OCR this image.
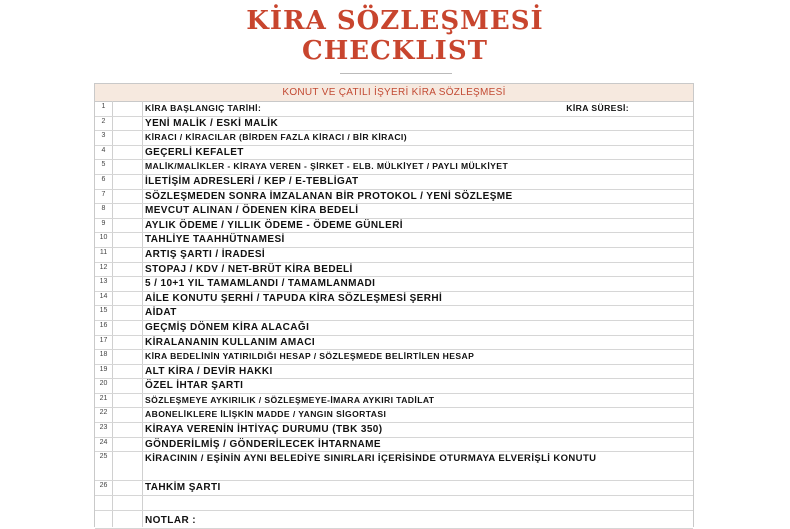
KİRA SÖZLEŞMESİ
CHECKLIST
KONUT VE ÇATILI İŞYERİ KİRA SÖZLEŞMESİ
1	KİRA BAŞLANGIÇ TARİHİ:	KİRA SÜRESİ:
2	YENİ MALİK / ESKİ MALİK
3	KİRACI / KİRACILAR (BİRDEN FAZLA KİRACI / BİR KİRACI)
4	GEÇERLİ KEFALET
5	MALİK/MALİKLER - KİRAYA VEREN - ŞİRKET - ELB. MÜLKİYET / PAYLI MÜLKİYET
6	İLETİŞİM ADRESLERİ / KEP / E-TEBLİGAT
7	SÖZLEŞMEDEN SONRA İMZALANAN BİR PROTOKOL / YENİ SÖZLEŞME
8	MEVCUT ALINAN / ÖDENEN KİRA BEDELİ
9	AYLIK ÖDEME / YILLIK ÖDEME - ÖDEME GÜNLERİ
10	TAHLİYE TAAHHÜTNAMESİ
11	ARTIŞ ŞARTI / İRADESİ
12	STOPAJ / KDV / NET-BRÜT KİRA BEDELİ
13	5 / 10+1 YIL TAMAMLANDI / TAMAMLANMADI
14	AİLE KONUTU ŞERHİ / TAPUDA KİRA SÖZLEŞMESİ ŞERHİ
15	AİDAT
16	GEÇMİŞ DÖNEM KİRA ALACAĞI
17	KİRALANANIN KULLANIM AMACI
18	KİRA BEDELİNİN YATIRILDIĞI HESAP / SÖZLEŞMEDE BELİRTİLEN HESAP
19	ALT KİRA / DEVİR HAKKI
20	ÖZEL İHTAR ŞARTI
21	SÖZLEŞMEYE AYKIRILIK / SÖZLEŞMEYE-İMARA AYKIRI TADİLAT
22	ABONELİKLERE İLİŞKİN MADDE / YANGIN SİGORTASI
23	KİRAYA VERENİN İHTİYAÇ DURUMU (TBK 350)
24	GÖNDERİLMİŞ / GÖNDERİLECEK İHTARNAME
25	KİRACININ / EŞİNİN AYNI BELEDİYE SINIRLARI İÇERİSİNDE OTURMAYA ELVERİŞLİ KONUTU
26	TAHKİM ŞARTI
NOTLAR :
